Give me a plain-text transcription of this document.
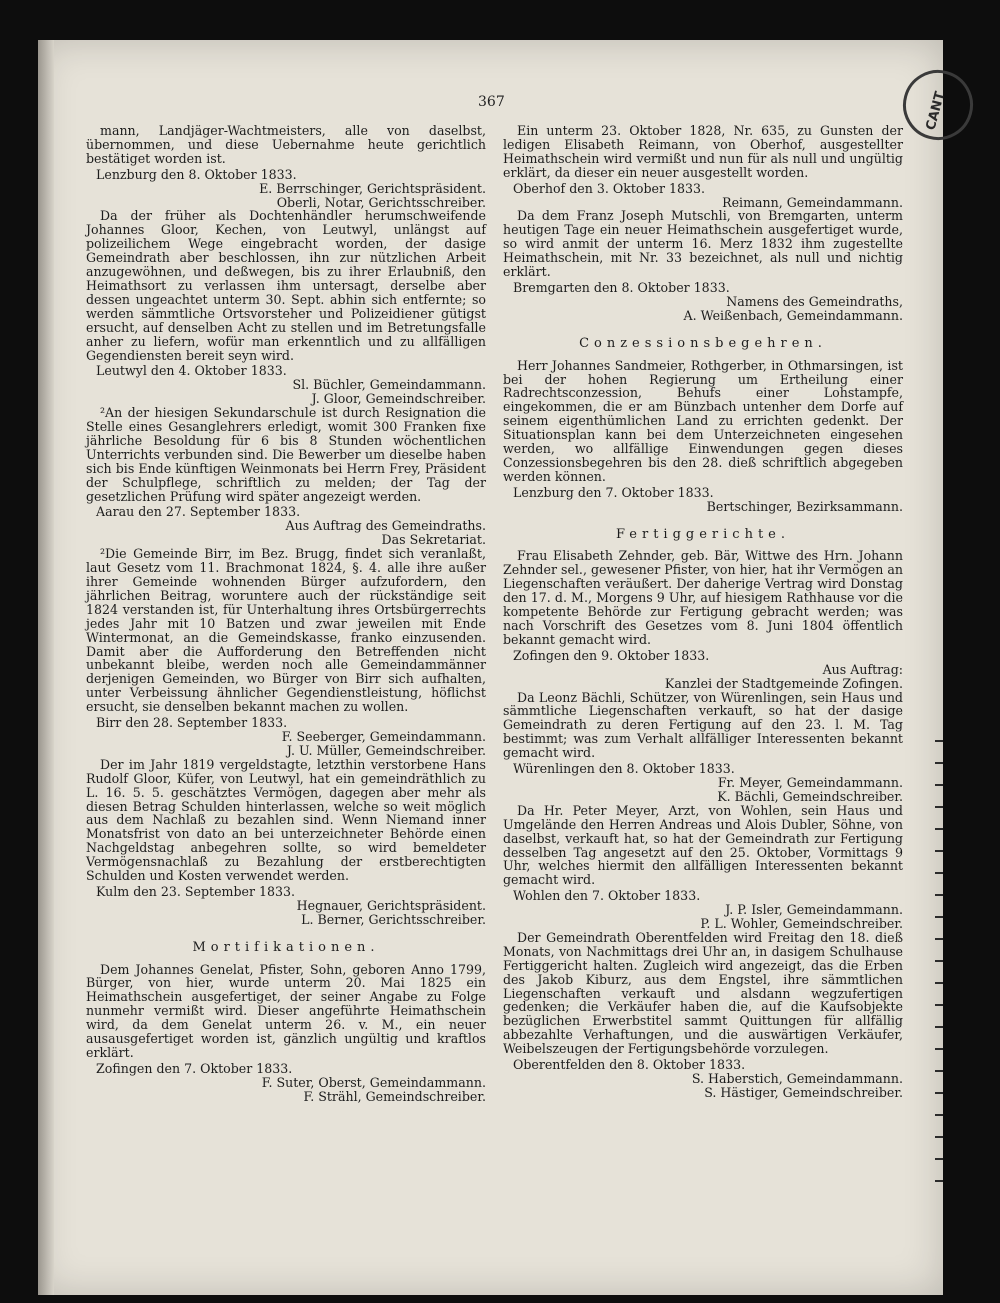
CANT
367

mann, Landjäger-Wachtmeisters, alle von daselbst, übernommen, und diese Uebernahme heute gerichtlich bestätiget worden ist.

Lenzburg den 8. Oktober 1833.

E. Berrschinger, Gerichtspräsident.

Oberli, Notar, Gerichtsschreiber.

Da der früher als Dochtenhändler herumschweifende Johannes Gloor, Kechen, von Leutwyl, unlängst auf polizeilichem Wege eingebracht worden, der dasige Gemeindrath aber beschlossen, ihn zur nützlichen Arbeit anzugewöhnen, und deßwegen, bis zu ihrer Erlaubniß, den Heimathsort zu verlassen ihm untersagt, derselbe aber dessen ungeachtet unterm 30. Sept. abhin sich entfernte; so werden sämmtliche Ortsvorsteher und Polizeidiener gütigst ersucht, auf denselben Acht zu stellen und im Betretungsfalle anher zu liefern, wofür man erkenntlich und zu allfälligen Gegendiensten bereit seyn wird.

Leutwyl den 4. Oktober 1833.

Sl. Büchler, Gemeindammann.

J. Gloor, Gemeindschreiber.

²An der hiesigen Sekundarschule ist durch Resignation die Stelle eines Gesanglehrers erledigt, womit 300 Franken fixe jährliche Besoldung für 6 bis 8 Stunden wöchentlichen Unterrichts verbunden sind. Die Bewerber um dieselbe haben sich bis Ende künftigen Weinmonats bei Herrn Frey, Präsident der Schulpflege, schriftlich zu melden; der Tag der gesetzlichen Prüfung wird später angezeigt werden.

Aarau den 27. September 1833.

Aus Auftrag des Gemeindraths.

Das Sekretariat.

²Die Gemeinde Birr, im Bez. Brugg, findet sich veranlaßt, laut Gesetz vom 11. Brachmonat 1824, §. 4. alle ihre außer ihrer Gemeinde wohnenden Bürger aufzufordern, den jährlichen Beitrag, woruntere auch der rückständige seit 1824 verstanden ist, für Unterhaltung ihres Ortsbürgerrechts jedes Jahr mit 10 Batzen und zwar jeweilen mit Ende Wintermonat, an die Gemeindskasse, franko einzusenden. Damit aber die Aufforderung den Betreffenden nicht unbekannt bleibe, werden noch alle Gemeindammänner derjenigen Gemeinden, wo Bürger von Birr sich aufhalten, unter Verbeissung ähnlicher Gegendienstleistung, höflichst ersucht, sie denselben bekannt machen zu wollen.

Birr den 28. September 1833.

F. Seeberger, Gemeindammann.

J. U. Müller, Gemeindschreiber.

Der im Jahr 1819 vergeldstagte, letzthin verstorbene Hans Rudolf Gloor, Küfer, von Leutwyl, hat ein gemeindräthlich zu L. 16. 5. 5. geschätztes Vermögen, dagegen aber mehr als diesen Betrag Schulden hinterlassen, welche so weit möglich aus dem Nachlaß zu bezahlen sind. Wenn Niemand inner Monatsfrist von dato an bei unterzeichneter Behörde einen Nachgeldstag anbegehren sollte, so wird bemeldeter Vermögensnachlaß zu Bezahlung der erstberechtigten Schulden und Kosten verwendet werden.

Kulm den 23. September 1833.

Hegnauer, Gerichtspräsident.

L. Berner, Gerichtsschreiber.

Mortifikationen.

Dem Johannes Genelat, Pfister, Sohn, geboren Anno 1799, Bürger, von hier, wurde unterm 20. Mai 1825 ein Heimathschein ausgefertiget, der seiner Angabe zu Folge nunmehr vermißt wird. Dieser angeführte Heimathschein wird, da dem Genelat unterm 26. v. M., ein neuer ausausgefertiget worden ist, gänzlich ungültig und kraftlos erklärt.

Zofingen den 7. Oktober 1833.

F. Suter, Oberst, Gemeindammann.

F. Strähl, Gemeindschreiber.

Ein unterm 23. Oktober 1828, Nr. 635, zu Gunsten der ledigen Elisabeth Reimann, von Oberhof, ausgestellter Heimathschein wird vermißt und nun für als null und ungültig erklärt, da dieser ein neuer ausgestellt worden.

Oberhof den 3. Oktober 1833.

Reimann, Gemeindammann.

Da dem Franz Joseph Mutschli, von Bremgarten, unterm heutigen Tage ein neuer Heimathschein ausgefertiget wurde, so wird anmit der unterm 16. Merz 1832 ihm zugestellte Heimathschein, mit Nr. 33 bezeichnet, als null und nichtig erklärt.

Bremgarten den 8. Oktober 1833.

Namens des Gemeindraths,

A. Weißenbach, Gemeindammann.

Conzessionsbegehren.

Herr Johannes Sandmeier, Rothgerber, in Othmarsingen, ist bei der hohen Regierung um Ertheilung einer Radrechtsconzession, Behufs einer Lohstampfe, eingekommen, die er am Bünzbach untenher dem Dorfe auf seinem eigenthümlichen Land zu errichten gedenkt. Der Situationsplan kann bei dem Unterzeichneten eingesehen werden, wo allfällige Einwendungen gegen dieses Conzessionsbegehren bis den 28. dieß schriftlich abgegeben werden können.

Lenzburg den 7. Oktober 1833.

Bertschinger, Bezirksammann.

Fertiggerichte.

Frau Elisabeth Zehnder, geb. Bär, Wittwe des Hrn. Johann Zehnder sel., gewesener Pfister, von hier, hat ihr Vermögen an Liegenschaften veräußert. Der daherige Vertrag wird Donstag den 17. d. M., Morgens 9 Uhr, auf hiesigem Rathhause vor die kompetente Behörde zur Fertigung gebracht werden; was nach Vorschrift des Gesetzes vom 8. Juni 1804 öffentlich bekannt gemacht wird.

Zofingen den 9. Oktober 1833.

Aus Auftrag:

Kanzlei der Stadtgemeinde Zofingen.

Da Leonz Bächli, Schützer, von Würenlingen, sein Haus und sämmtliche Liegenschaften verkauft, so hat der dasige Gemeindrath zu deren Fertigung auf den 23. l. M. Tag bestimmt; was zum Verhalt allfälliger Interessenten bekannt gemacht wird.

Würenlingen den 8. Oktober 1833.

Fr. Meyer, Gemeindammann.

K. Bächli, Gemeindschreiber.

Da Hr. Peter Meyer, Arzt, von Wohlen, sein Haus und Umgelände den Herren Andreas und Alois Dubler, Söhne, von daselbst, verkauft hat, so hat der Gemeindrath zur Fertigung desselben Tag angesetzt auf den 25. Oktober, Vormittags 9 Uhr, welches hiermit den allfälligen Interessenten bekannt gemacht wird.

Wohlen den 7. Oktober 1833.

J. P. Isler, Gemeindammann.

P. L. Wohler, Gemeindschreiber.

Der Gemeindrath Oberentfelden wird Freitag den 18. dieß Monats, von Nachmittags drei Uhr an, in dasigem Schulhause Fertiggericht halten. Zugleich wird angezeigt, das die Erben des Jakob Kiburz, aus dem Engstel, ihre sämmtlichen Liegenschaften verkauft und alsdann wegzufertigen gedenken; die Verkäufer haben die, auf die Kaufsobjekte bezüglichen Erwerbstitel sammt Quittungen für allfällig abbezahlte Verhaftungen, und die auswärtigen Verkäufer, Weibelszeugen der Fertigungsbehörde vorzulegen.

Oberentfelden den 8. Oktober 1833.

S. Haberstich, Gemeindammann.

S. Hästiger, Gemeindschreiber.
